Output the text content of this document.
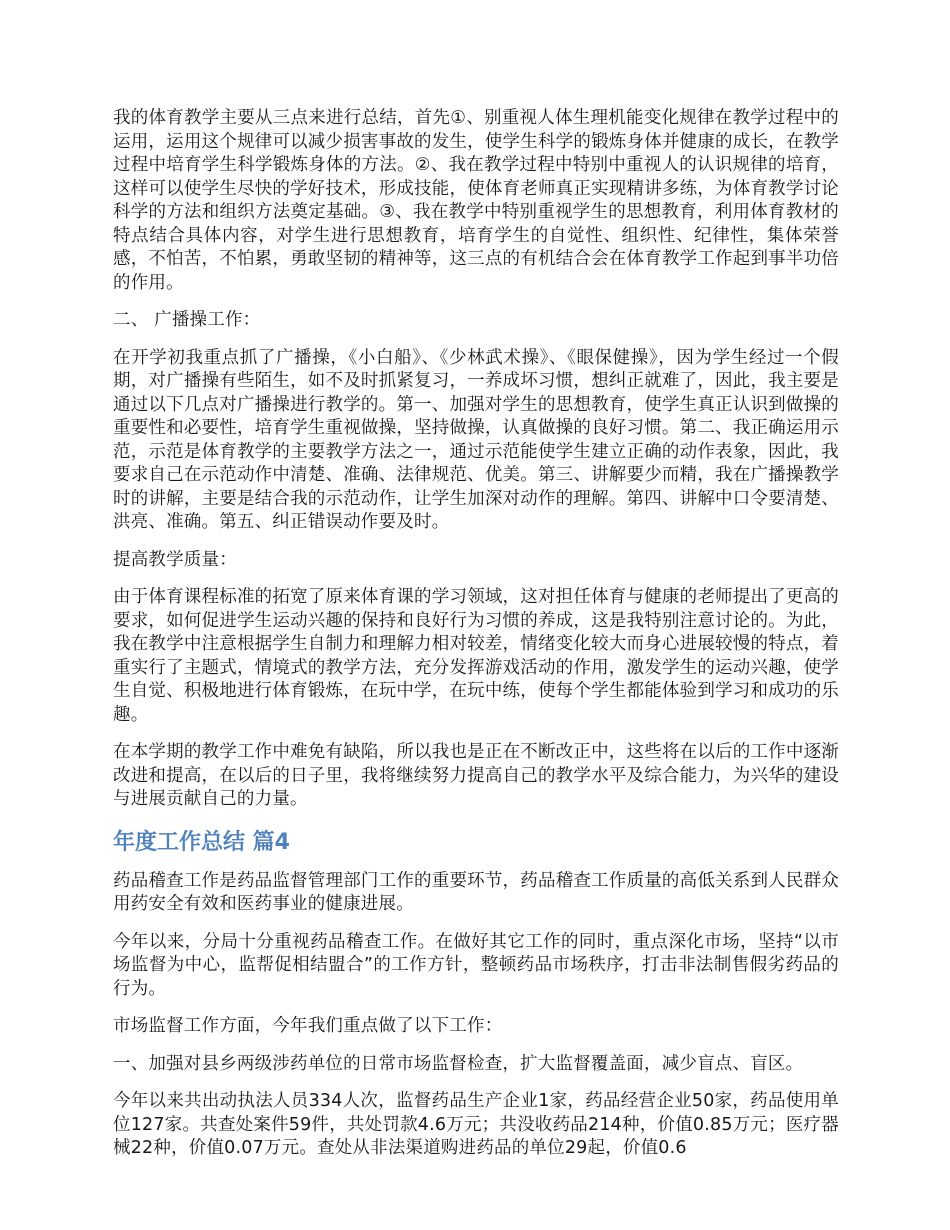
我的体育教学主要从三点来进行总结，首先①、别重视人体生理机能变化规律在教学过程中的运用，运用这个规律可以减少损害事故的发生，使学生科学的锻炼身体并健康的成长，在教学过程中培育学生科学锻炼身体的方法。②、我在教学过程中特别中重视人的认识规律的培育，这样可以使学生尽快的学好技术，形成技能，使体育老师真正实现精讲多练，为体育教学讨论科学的方法和组织方法奠定基础。③、我在教学中特别重视学生的思想教育，利用体育教材的特点结合具体内容，对学生进行思想教育，培育学生的自觉性、组织性、纪律性，集体荣誉感，不怕苦，不怕累，勇敢坚韧的精神等，这三点的有机结合会在体育教学工作起到事半功倍的作用。

二、 广播操工作：

在开学初我重点抓了广播操，《小白船》、《少林武术操》、《眼保健操》，因为学生经过一个假期，对广播操有些陌生，如不及时抓紧复习，一养成坏习惯，想纠正就难了，因此，我主要是通过以下几点对广播操进行教学的。第一、加强对学生的思想教育，使学生真正认识到做操的重要性和必要性，培育学生重视做操，坚持做操，认真做操的良好习惯。第二、我正确运用示范，示范是体育教学的主要教学方法之一，通过示范能使学生建立正确的动作表象，因此，我要求自己在示范动作中清楚、准确、法律规范、优美。第三、讲解要少而精，我在广播操教学时的讲解，主要是结合我的示范动作，让学生加深对动作的理解。第四、讲解中口令要清楚、洪亮、准确。第五、纠正错误动作要及时。

提高教学质量：

由于体育课程标准的拓宽了原来体育课的学习领域，这对担任体育与健康的老师提出了更高的要求，如何促进学生运动兴趣的保持和良好行为习惯的养成，这是我特别注意讨论的。为此，我在教学中注意根据学生自制力和理解力相对较差，情绪变化较大而身心进展较慢的特点，着重实行了主题式，情境式的教学方法，充分发挥游戏活动的作用，激发学生的运动兴趣，使学生自觉、积极地进行体育锻炼，在玩中学，在玩中练，使每个学生都能体验到学习和成功的乐趣。

在本学期的教学工作中难免有缺陷，所以我也是正在不断改正中，这些将在以后的工作中逐渐改进和提高，在以后的日子里，我将继续努力提高自己的教学水平及综合能力，为兴华的建设与进展贡献自己的力量。

年度工作总结 篇4

药品稽查工作是药品监督管理部门工作的重要环节，药品稽查工作质量的高低关系到人民群众用药安全有效和医药事业的健康进展。

今年以来，分局十分重视药品稽查工作。在做好其它工作的同时，重点深化市场，坚持“以市场监督为中心，监帮促相结盟合”的工作方针，整顿药品市场秩序，打击非法制售假劣药品的行为。

市场监督工作方面，今年我们重点做了以下工作：

一、加强对县乡两级涉药单位的日常市场监督检查，扩大监督覆盖面，减少盲点、盲区。

今年以来共出动执法人员334人次，监督药品生产企业1家，药品经营企业50家，药品使用单位127家。共查处案件59件，共处罚款4.6万元；共没收药品214种，价值0.85万元；医疗器械22种，价值0.07万元。查处从非法渠道购进药品的单位29起，价值0.6
